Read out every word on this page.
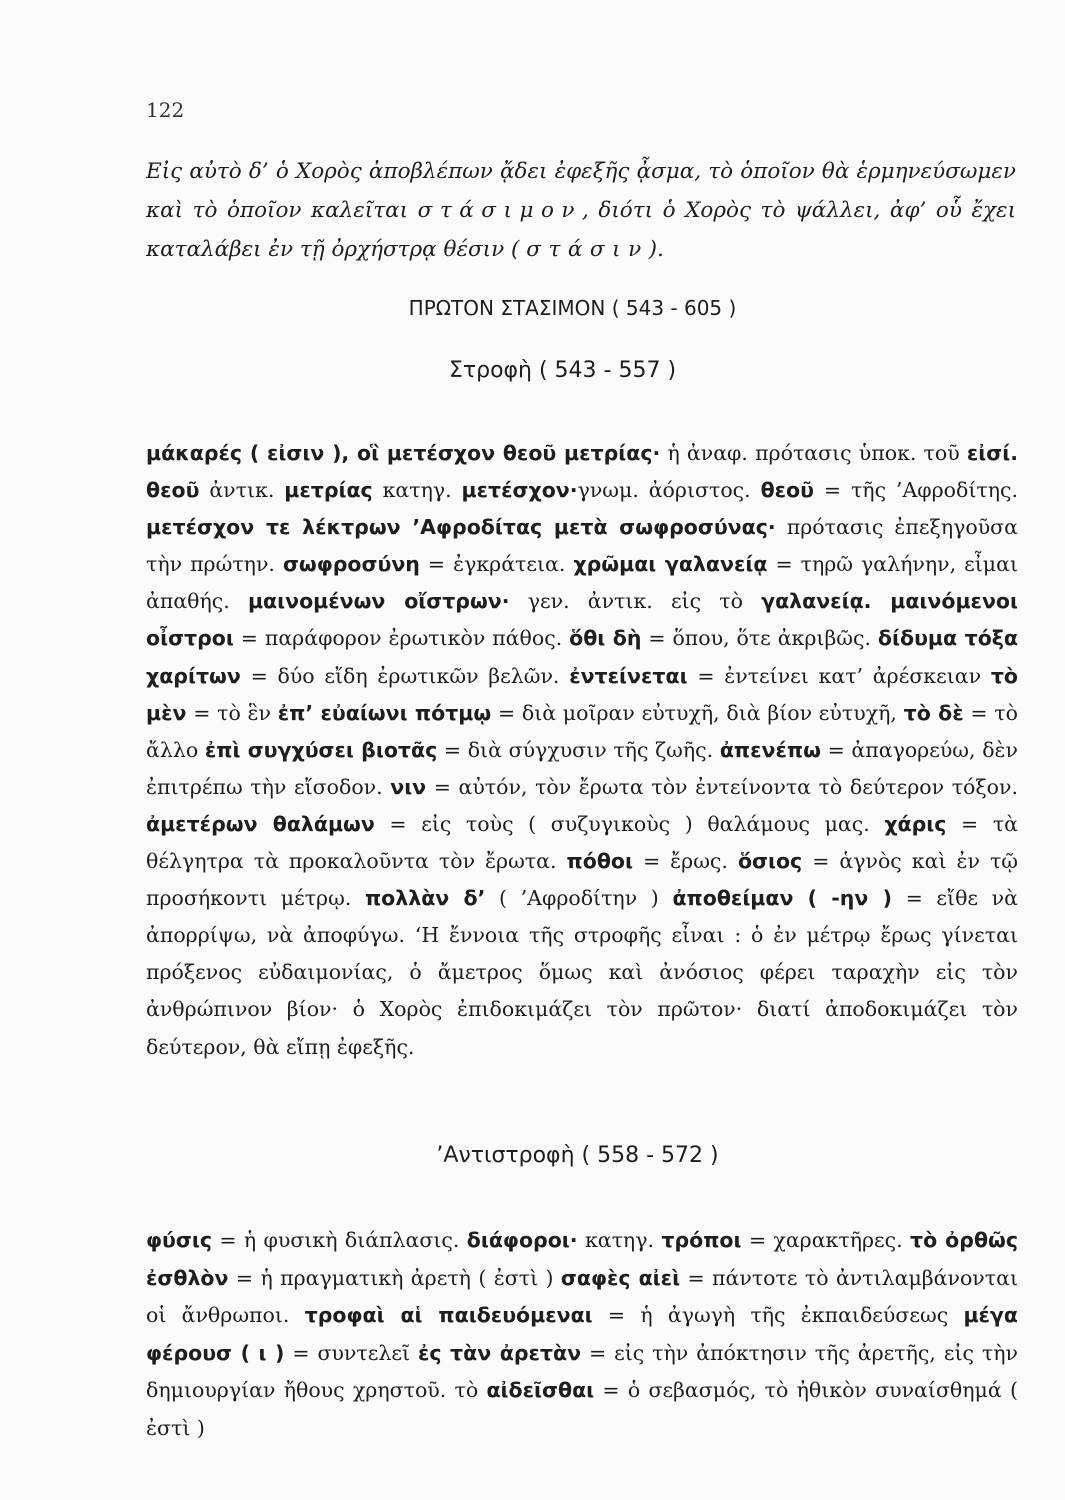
122
Εἰς αὐτὸ δ’ ὁ Χορὸς ἀποβλέπων ᾄδει ἐφεξῆς ᾆσμα, τὸ ὁποῖον θὰ ἑρμηνεύσωμεν καὶ τὸ ὁποῖον καλεῖται στάσιμον, διότι ὁ Χορὸς τὸ ψάλλει, ἀφ’ οὗ ἔχει καταλάβει ἐν τῇ ὀρχήστρᾳ θέσιν ( στάσιν).
ΠΡΩΤΟΝ ΣΤΑΣΙΜΟΝ ( 543 - 605 )
Στροφὴ ( 543 - 557 )

μάκαρές ( εἰσιν ), οἳ μετέσχον θεοῦ μετρίας· ἡ ἀναφ. πρότασις ὑποκ. τοῦ εἰσί. θεοῦ ἀντικ. μετρίας κατηγ. μετέσχον·γνωμ. ἀόριστος. θεοῦ = τῆς ’Αφροδίτης. μετέσχον τε λέκτρων ’Αφροδίτας μετὰ σωφροσύνας· πρότασις ἐπεξηγοῦσα τὴν πρώτην. σωφροσύνη = ἐγκράτεια. χρῶμαι γαλανείᾳ = τηρῶ γαλήνην, εἶμαι ἀπαθής. μαινομένων οἴστρων· γεν. ἀντικ. εἰς τὸ γαλανείᾳ. μαινόμενοι οἶστροι = παράφορον ἐρωτικὸν πάθος. ὅθι δὴ = ὅπου, ὅτε ἀκριβῶς. δίδυμα τόξα χαρίτων = δύο εἴδη ἐρωτικῶν βελῶν. ἐντείνεται = ἐντείνει κατ’ ἀρέσκειαν τὸ μὲν = τὸ ἓν ἐπ’ εὐαίωνι πότμῳ = διὰ μοῖραν εὐτυχῆ, διὰ βίον εὐτυχῆ, τὸ δὲ = τὸ ἄλλο ἐπὶ συγχύσει βιοτᾶς = διὰ σύγχυσιν τῆς ζωῆς. ἀπενέπω = ἀπαγορεύω, δὲν ἐπιτρέπω τὴν εἴσοδον. νιν = αὐτόν, τὸν ἔρωτα τὸν ἐντείνοντα τὸ δεύτερον τόξον. ἀμετέρων θαλάμων = εἰς τοὺς ( συζυγικοὺς ) θαλάμους μας. χάρις = τὰ θέλγητρα τὰ προκαλοῦντα τὸν ἔρωτα. πόθοι = ἔρως. ὅσιος = ἁγνὸς καὶ ἐν τῷ προσήκοντι μέτρῳ. πολλὰν δ’ ( ’Αφροδίτην ) ἀποθείμαν ( -ην ) = εἴθε νὰ ἀπορρίψω, νὰ ἀποφύγω. ‘Η ἔννοια τῆς στροφῆς εἶναι : ὁ ἐν μέτρῳ ἔρως γίνεται πρόξενος εὐδαιμονίας, ὁ ἄμετρος ὅμως καὶ ἀνόσιος φέρει ταραχὴν εἰς τὸν ἀνθρώπινον βίον· ὁ Χορὸς ἐπιδοκιμάζει τὸν πρῶτον· διατί ἀποδοκιμάζει τὸν δεύτερον, θὰ εἴπῃ ἐφεξῆς.

’Αντιστροφὴ ( 558 - 572 )

φύσις = ἡ φυσικὴ διάπλασις. διάφοροι· κατηγ. τρόποι = χαρακτῆρες. τὸ ὀρθῶς ἐσθλὸν = ἡ πραγματικὴ ἀρετὴ ( ἐστὶ ) σαφὲς αἰεὶ = πάντοτε τὸ ἀντιλαμβάνονται οἱ ἄνθρωποι. τροφαὶ αἱ παιδευόμεναι = ἡ ἀγωγὴ τῆς ἐκπαιδεύσεως μέγα φέρουσ ( ι ) = συντελεῖ ἐς τὰν ἀρετὰν = εἰς τὴν ἀπόκτησιν τῆς ἀρετῆς, εἰς τὴν δημιουργίαν ἤθους χρηστοῦ. τὸ αἰδεῖσθαι = ὁ σεβασμός, τὸ ἠθικὸν συναίσθημά ( ἐστὶ )
